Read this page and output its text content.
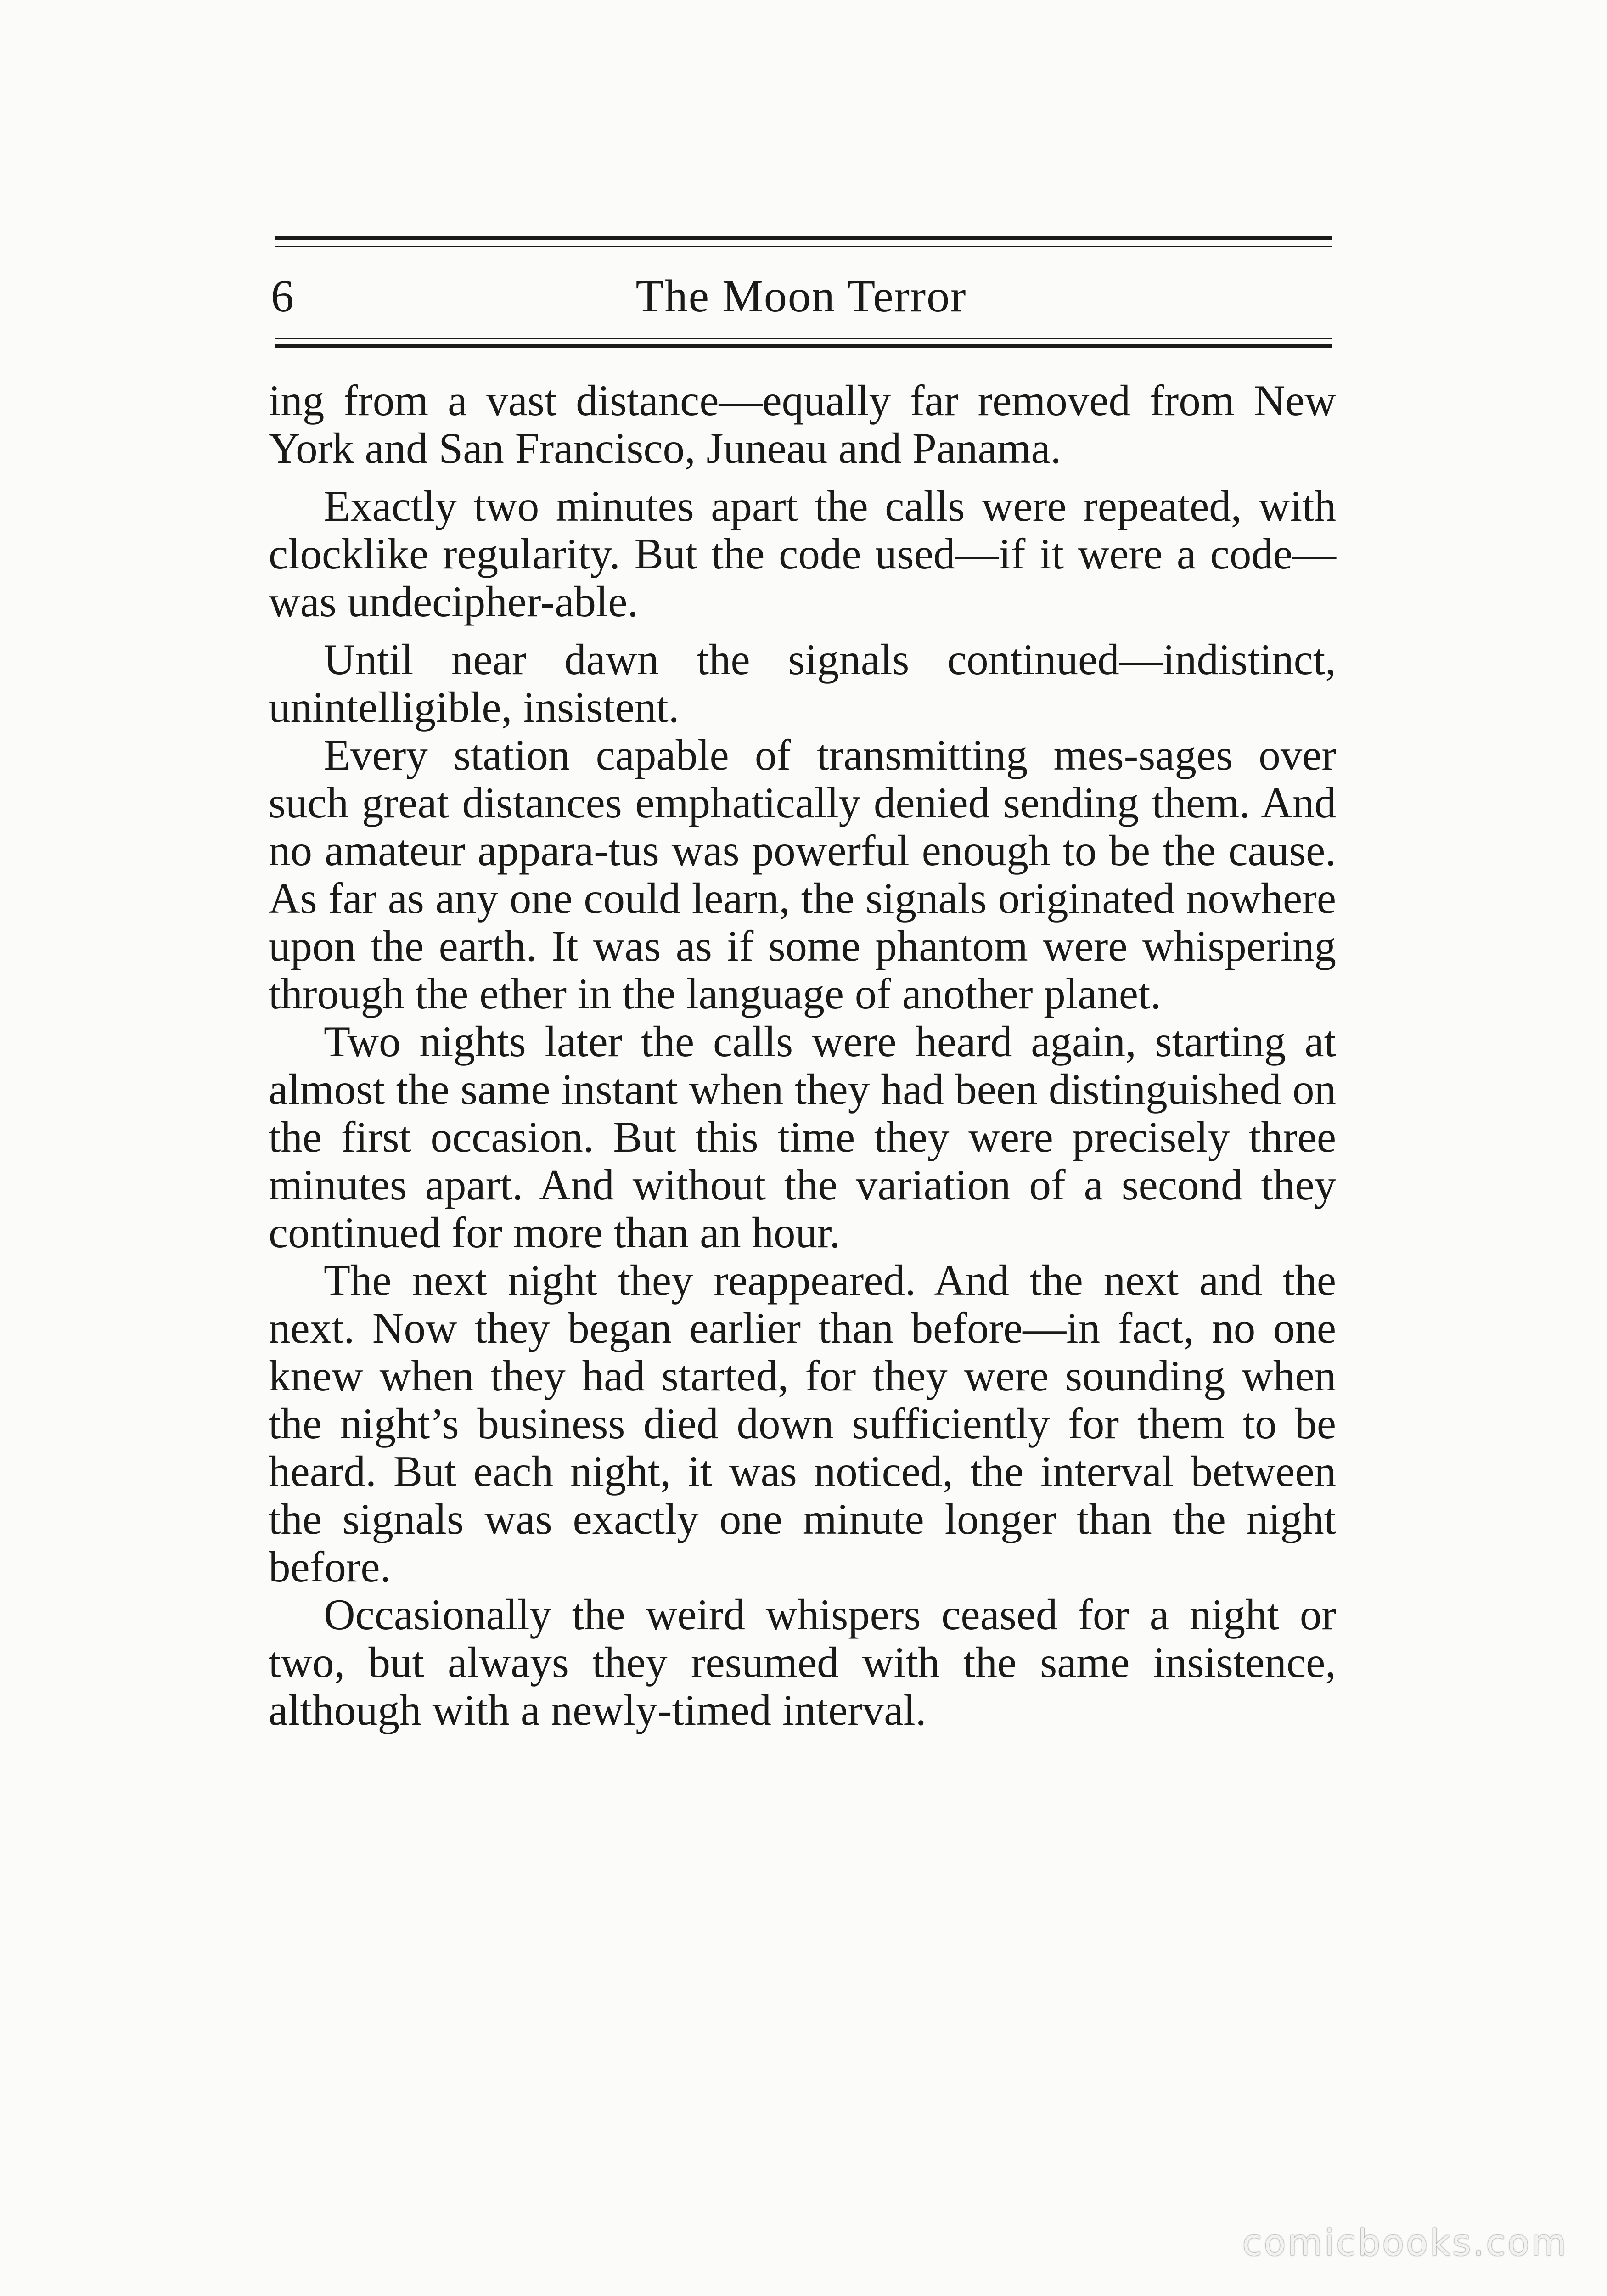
6	The Moon Terror

ing from a vast distance—equally far removed from New York and San Francisco, Juneau and Panama.

Exactly two minutes apart the calls were repeated, with clocklike regularity. But the code used—if it were a code—was undecipher-able.

Until near dawn the signals continued—indistinct, unintelligible, insistent.

Every station capable of transmitting mes-sages over such great distances emphatically denied sending them. And no amateur appara-tus was powerful enough to be the cause. As far as any one could learn, the signals originated nowhere upon the earth. It was as if some phantom were whispering through the ether in the language of another planet.

Two nights later the calls were heard again, starting at almost the same instant when they had been distinguished on the first occasion. But this time they were precisely three minutes apart. And without the variation of a second they continued for more than an hour.

The next night they reappeared. And the next and the next. Now they began earlier than before—in fact, no one knew when they had started, for they were sounding when the night’s business died down sufficiently for them to be heard. But each night, it was noticed, the interval between the signals was exactly one minute longer than the night before.

Occasionally the weird whispers ceased for a night or two, but always they resumed with the same insistence, although with a newly-timed interval.

comicbooks.com
